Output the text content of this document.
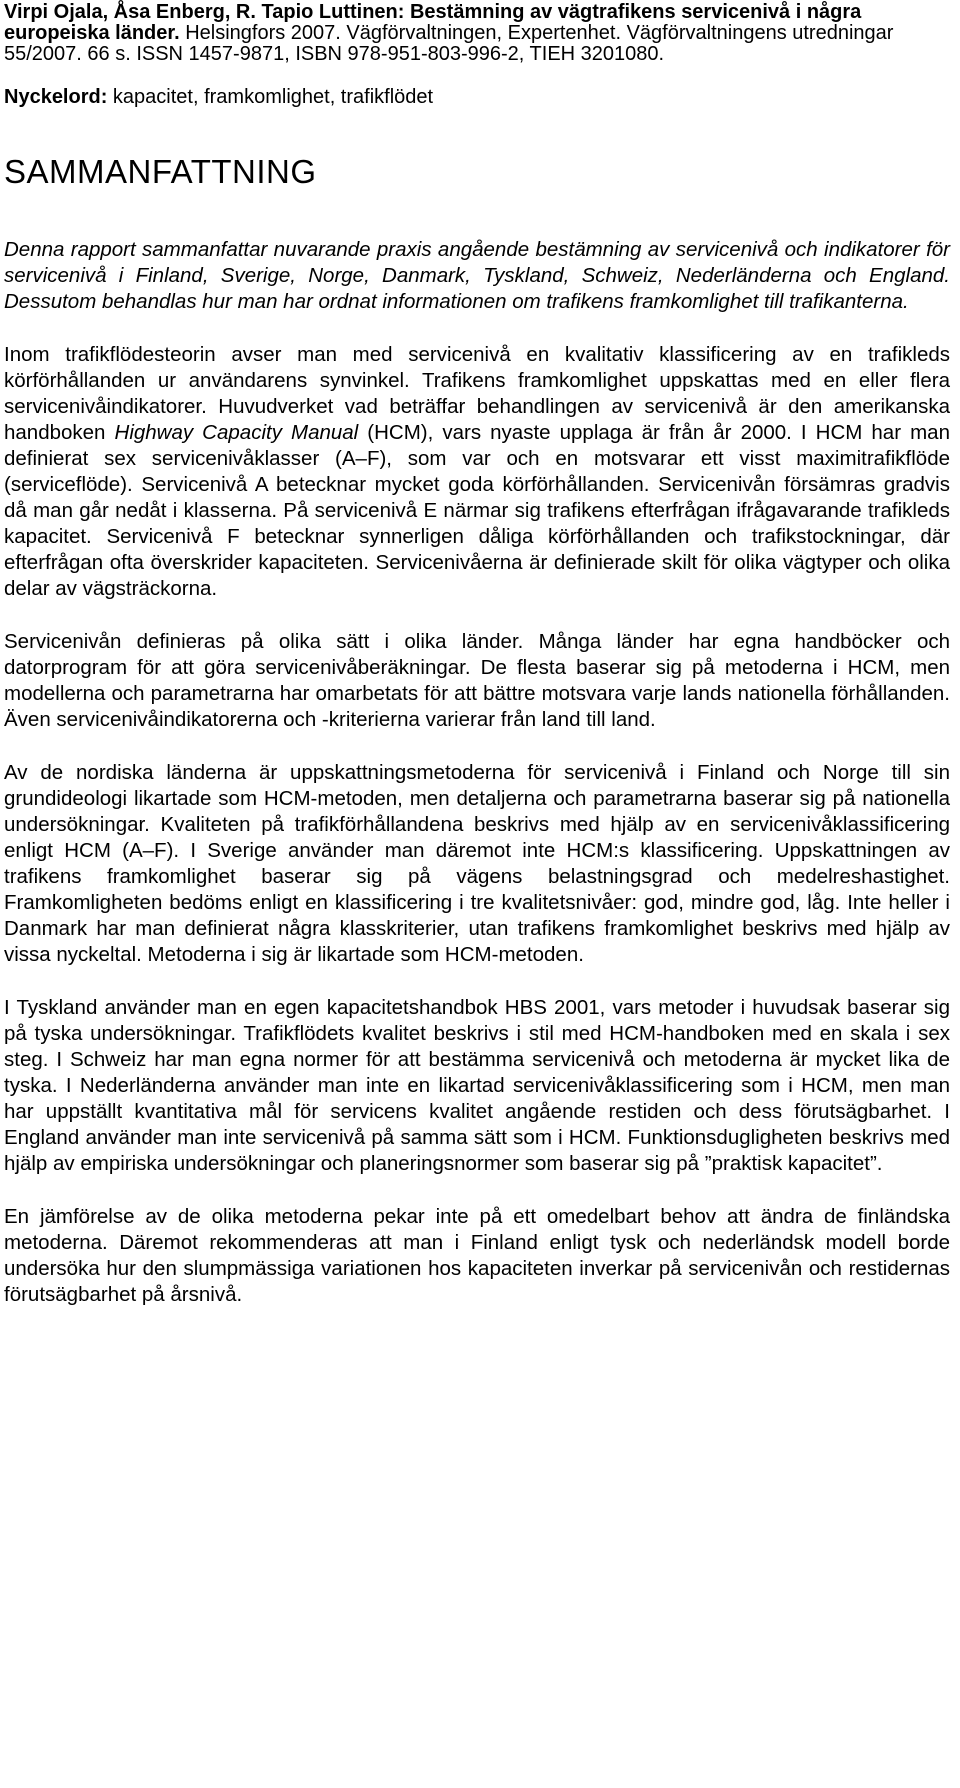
Virpi Ojala, Åsa Enberg, R. Tapio Luttinen: Bestämning av vägtrafikens servicenivå i några europeiska länder. Helsingfors 2007. Vägförvaltningen, Expertenhet. Vägförvaltningens utredningar 55/2007. 66 s. ISSN 1457-9871, ISBN 978-951-803-996-2, TIEH 3201080.

Nyckelord: kapacitet, framkomlighet, trafikflödet

SAMMANFATTNING

Denna rapport sammanfattar nuvarande praxis angående bestämning av servicenivå och indikatorer för servicenivå i Finland, Sverige, Norge, Danmark, Tyskland, Schweiz, Nederländerna och England. Dessutom behandlas hur man har ordnat informationen om trafikens framkomlighet till trafikanterna.

Inom trafikflödesteorin avser man med servicenivå en kvalitativ klassificering av en trafikleds körförhållanden ur användarens synvinkel. Trafikens framkomlighet uppskattas med en eller flera servicenivåindikatorer. Huvudverket vad beträffar behandlingen av servicenivå är den amerikanska handboken Highway Capacity Manual (HCM), vars nyaste upplaga är från år 2000. I HCM har man definierat sex servicenivåklasser (A–F), som var och en motsvarar ett visst maximitrafikflöde (serviceflöde). Servicenivå A betecknar mycket goda körförhållanden. Servicenivån försämras gradvis då man går nedåt i klasserna. På servicenivå E närmar sig trafikens efterfrågan ifrågavarande trafikleds kapacitet. Servicenivå F betecknar synnerligen dåliga körförhållanden och trafikstockningar, där efterfrågan ofta överskrider kapaciteten. Servicenivåerna är definierade skilt för olika vägtyper och olika delar av vägsträckorna.

Servicenivån definieras på olika sätt i olika länder. Många länder har egna handböcker och datorprogram för att göra servicenivåberäkningar. De flesta baserar sig på metoderna i HCM, men modellerna och parametrarna har omarbetats för att bättre motsvara varje lands nationella förhållanden. Även servicenivåindikatorerna och -kriterierna varierar från land till land.

Av de nordiska länderna är uppskattningsmetoderna för servicenivå i Finland och Norge till sin grundideologi likartade som HCM-metoden, men detaljerna och parametrarna baserar sig på nationella undersökningar. Kvaliteten på trafikförhållandena beskrivs med hjälp av en servicenivåklassificering enligt HCM (A–F). I Sverige använder man däremot inte HCM:s klassificering. Uppskattningen av trafikens framkomlighet baserar sig på vägens belastningsgrad och medelreshastighet. Framkomligheten bedöms enligt en klassificering i tre kvalitetsnivåer: god, mindre god, låg. Inte heller i Danmark har man definierat några klasskriterier, utan trafikens framkomlighet beskrivs med hjälp av vissa nyckeltal. Metoderna i sig är likartade som HCM-metoden.

I Tyskland använder man en egen kapacitetshandbok HBS 2001, vars metoder i huvudsak baserar sig på tyska undersökningar. Trafikflödets kvalitet beskrivs i stil med HCM-handboken med en skala i sex steg. I Schweiz har man egna normer för att bestämma servicenivå och metoderna är mycket lika de tyska. I Nederländerna använder man inte en likartad servicenivåklassificering som i HCM, men man har uppställt kvantitativa mål för servicens kvalitet angående restiden och dess förutsägbarhet. I England använder man inte servicenivå på samma sätt som i HCM. Funktionsdugligheten beskrivs med hjälp av empiriska undersökningar och planeringsnormer som baserar sig på ”praktisk kapacitet”.

En jämförelse av de olika metoderna pekar inte på ett omedelbart behov att ändra de finländska metoderna. Däremot rekommenderas att man i Finland enligt tysk och nederländsk modell borde undersöka hur den slumpmässiga variationen hos kapaciteten inverkar på servicenivån och restidernas förutsägbarhet på årsnivå.
